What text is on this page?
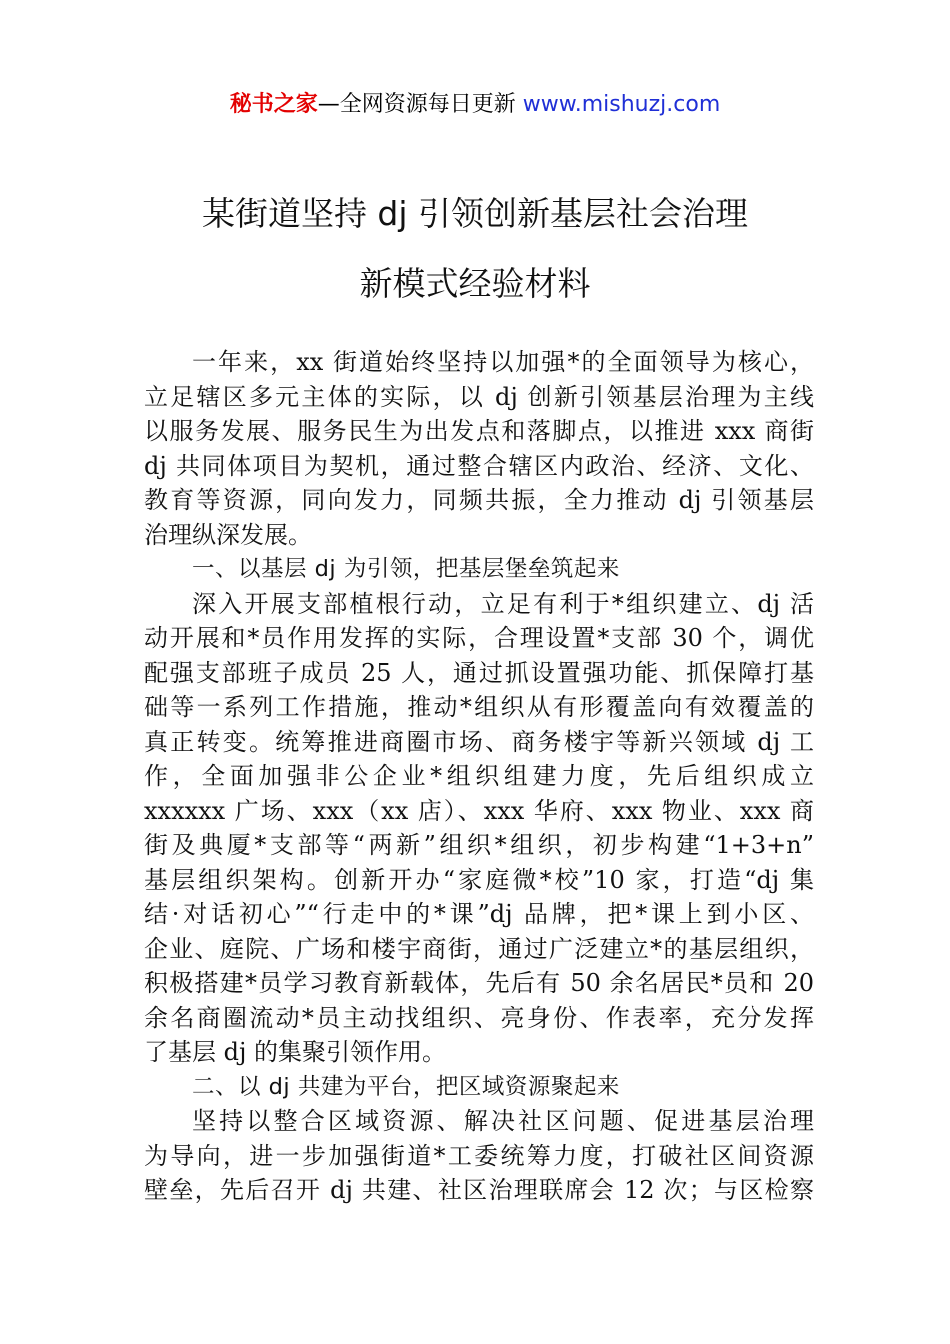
秘书之家—全网资源每日更新 www.mishuzj.com
某街道坚持 dj 引领创新基层社会治理
新模式经验材料
一年来，xx 街道始终坚持以加强*的全面领导为核心，
立足辖区多元主体的实际，以 dj 创新引领基层治理为主线
以服务发展、服务民生为出发点和落脚点，以推进 xxx 商街
dj 共同体项目为契机，通过整合辖区内政治、经济、文化、
教育等资源，同向发力，同频共振，全力推动 dj 引领基层
治理纵深发展。
一、以基层 dj 为引领，把基层堡垒筑起来
深入开展支部植根行动，立足有利于*组织建立、dj 活
动开展和*员作用发挥的实际，合理设置*支部 30 个，调优
配强支部班子成员 25 人，通过抓设置强功能、抓保障打基
础等一系列工作措施，推动*组织从有形覆盖向有效覆盖的
真正转变。统筹推进商圈市场、商务楼宇等新兴领域 dj 工
作，全面加强非公企业*组织组建力度，先后组织成立
xxxxxx 广场、xxx（xx 店）、xxx 华府、xxx 物业、xxx 商
街及典厦*支部等“两新”组织*组织，初步构建“1+3+n”
基层组织架构。创新开办“家庭微*校”10 家，打造“dj 集
结·对话初心”“行走中的*课”dj 品牌，把*课上到小区、
企业、庭院、广场和楼宇商街，通过广泛建立*的基层组织，
积极搭建*员学习教育新载体，先后有 50 余名居民*员和 20
余名商圈流动*员主动找组织、亮身份、作表率，充分发挥
了基层 dj 的集聚引领作用。
二、以 dj 共建为平台，把区域资源聚起来
坚持以整合区域资源、解决社区问题、促进基层治理
为导向，进一步加强街道*工委统筹力度，打破社区间资源
壁垒，先后召开 dj 共建、社区治理联席会 12 次；与区检察
